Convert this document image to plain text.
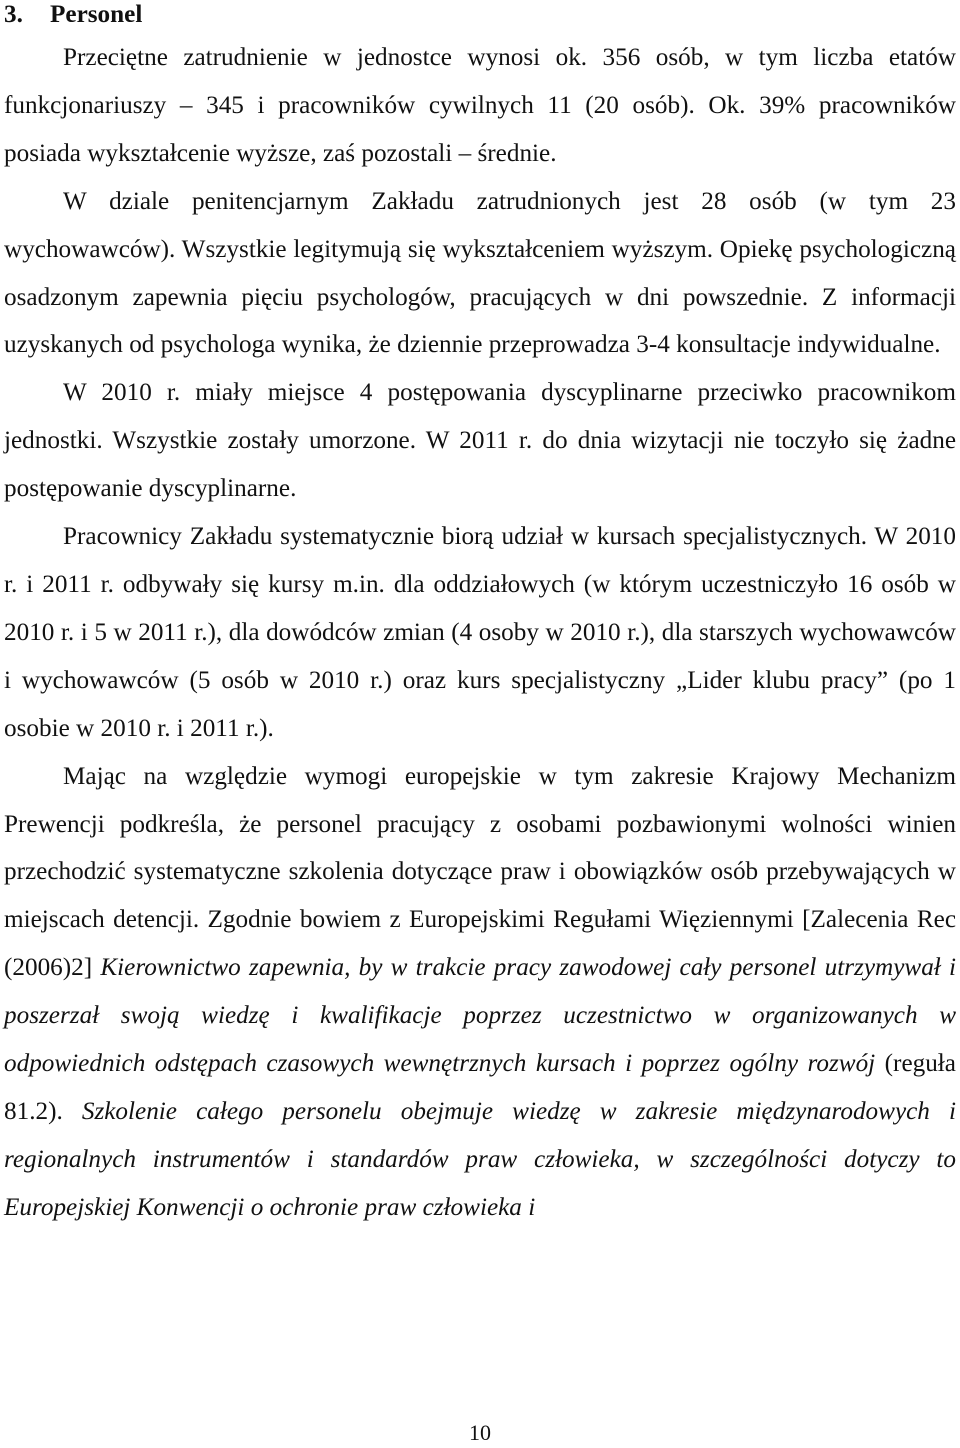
3. Personel

Przeciętne zatrudnienie w jednostce wynosi ok. 356 osób, w tym liczba etatów funkcjonariuszy – 345 i pracowników cywilnych 11 (20 osób). Ok. 39% pracowników posiada wykształcenie wyższe, zaś pozostali – średnie.

W dziale penitencjarnym Zakładu zatrudnionych jest 28 osób (w tym 23 wychowawców). Wszystkie legitymują się wykształceniem wyższym. Opiekę psychologiczną osadzonym zapewnia pięciu psychologów, pracujących w dni powszednie. Z informacji uzyskanych od psychologa wynika, że dziennie przeprowadza 3-4 konsultacje indywidualne.

W 2010 r. miały miejsce 4 postępowania dyscyplinarne przeciwko pracownikom jednostki. Wszystkie zostały umorzone. W 2011 r. do dnia wizytacji nie toczyło się żadne postępowanie dyscyplinarne.

Pracownicy Zakładu systematycznie biorą udział w kursach specjalistycznych. W 2010 r. i 2011 r. odbywały się kursy m.in. dla oddziałowych (w którym uczestniczyło 16 osób w 2010 r. i 5 w 2011 r.), dla dowódców zmian (4 osoby w 2010 r.), dla starszych wychowawców i wychowawców (5 osób w 2010 r.) oraz kurs specjalistyczny „Lider klubu pracy” (po 1 osobie w 2010 r. i 2011 r.).

Mając na względzie wymogi europejskie w tym zakresie Krajowy Mechanizm Prewencji podkreśla, że personel pracujący z osobami pozbawionymi wolności winien przechodzić systematyczne szkolenia dotyczące praw i obowiązków osób przebywających w miejscach detencji. Zgodnie bowiem z Europejskimi Regułami Więziennymi [Zalecenia Rec (2006)2] Kierownictwo zapewnia, by w trakcie pracy zawodowej cały personel utrzymywał i poszerzał swoją wiedzę i kwalifikacje poprzez uczestnictwo w organizowanych w odpowiednich odstępach czasowych wewnętrznych kursach i poprzez ogólny rozwój (reguła 81.2). Szkolenie całego personelu obejmuje wiedzę w zakresie międzynarodowych i regionalnych instrumentów i standardów praw człowieka, w szczególności dotyczy to Europejskiej Konwencji o ochronie praw człowieka i

10
